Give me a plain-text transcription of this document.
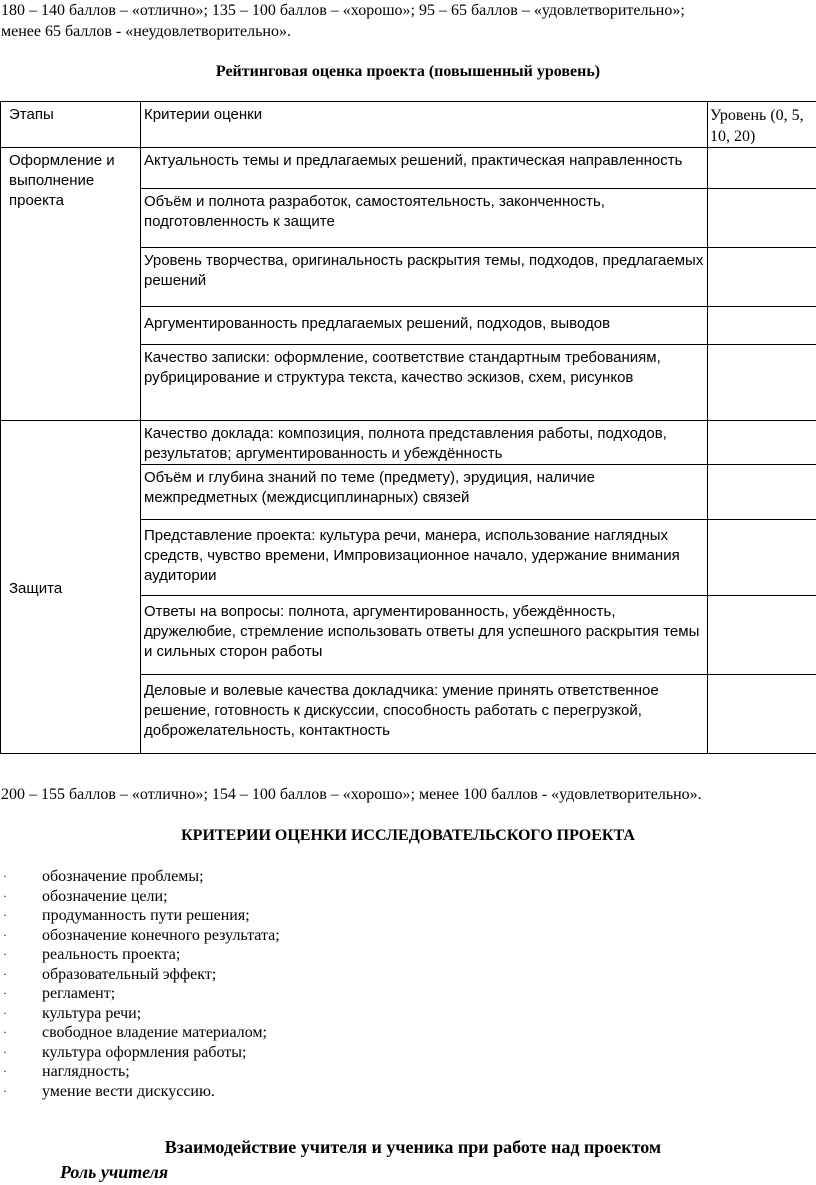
180 – 140 баллов – «отлично»; 135 – 100 баллов – «хорошо»; 95 – 65 баллов – «удовлетворительно»;
менее 65 баллов - «неудовлетворительно».
Рейтинговая оценка проекта (повышенный уровень)
Этапы	Критерии оценки	Уровень (0, 5, 10, 20)
Оформление и выполнение проекта	Актуальность темы и предлагаемых решений, практическая направленность	
	Объём и полнота разработок, самостоятельность, законченность, подготовленность к защите	
	Уровень творчества, оригинальность раскрытия темы, подходов, предлагаемых решений	
	Аргументированность предлагаемых решений, подходов, выводов	
	Качество записки: оформление, соответствие стандартным требованиям, рубрицирование и структура текста, качество эскизов, схем, рисунков	
Защита	Качество доклада: композиция, полнота представления работы, подходов, результатов; аргументированность и убеждённость	
	Объём и глубина знаний по теме (предмету), эрудиция, наличие межпредметных (междисциплинарных) связей	
	Представление проекта: культура речи, манера, использование наглядных средств, чувство времени, Импровизационное начало, удержание внимания аудитории	
	Ответы на вопросы: полнота, аргументированность, убеждённость, дружелюбие, стремление использовать ответы для успешного раскрытия темы и сильных сторон работы	
	Деловые и волевые качества докладчика: умение принять ответственное решение, готовность к дискуссии, способность работать с перегрузкой, доброжелательность, контактность	
200 – 155 баллов – «отлично»; 154 – 100 баллов – «хорошо»; менее 100 баллов - «удовлетворительно».
КРИТЕРИИ ОЦЕНКИ ИССЛЕДОВАТЕЛЬСКОГО ПРОЕКТА
· обозначение проблемы;
· обозначение цели;
· продуманность пути решения;
· обозначение конечного результата;
· реальность проекта;
· образовательный эффект;
· регламент;
· культура речи;
· свободное владение материалом;
· культура оформления работы;
· наглядность;
· умение вести дискуссию.
Взаимодействие учителя и ученика при работе над проектом
Роль учителя
